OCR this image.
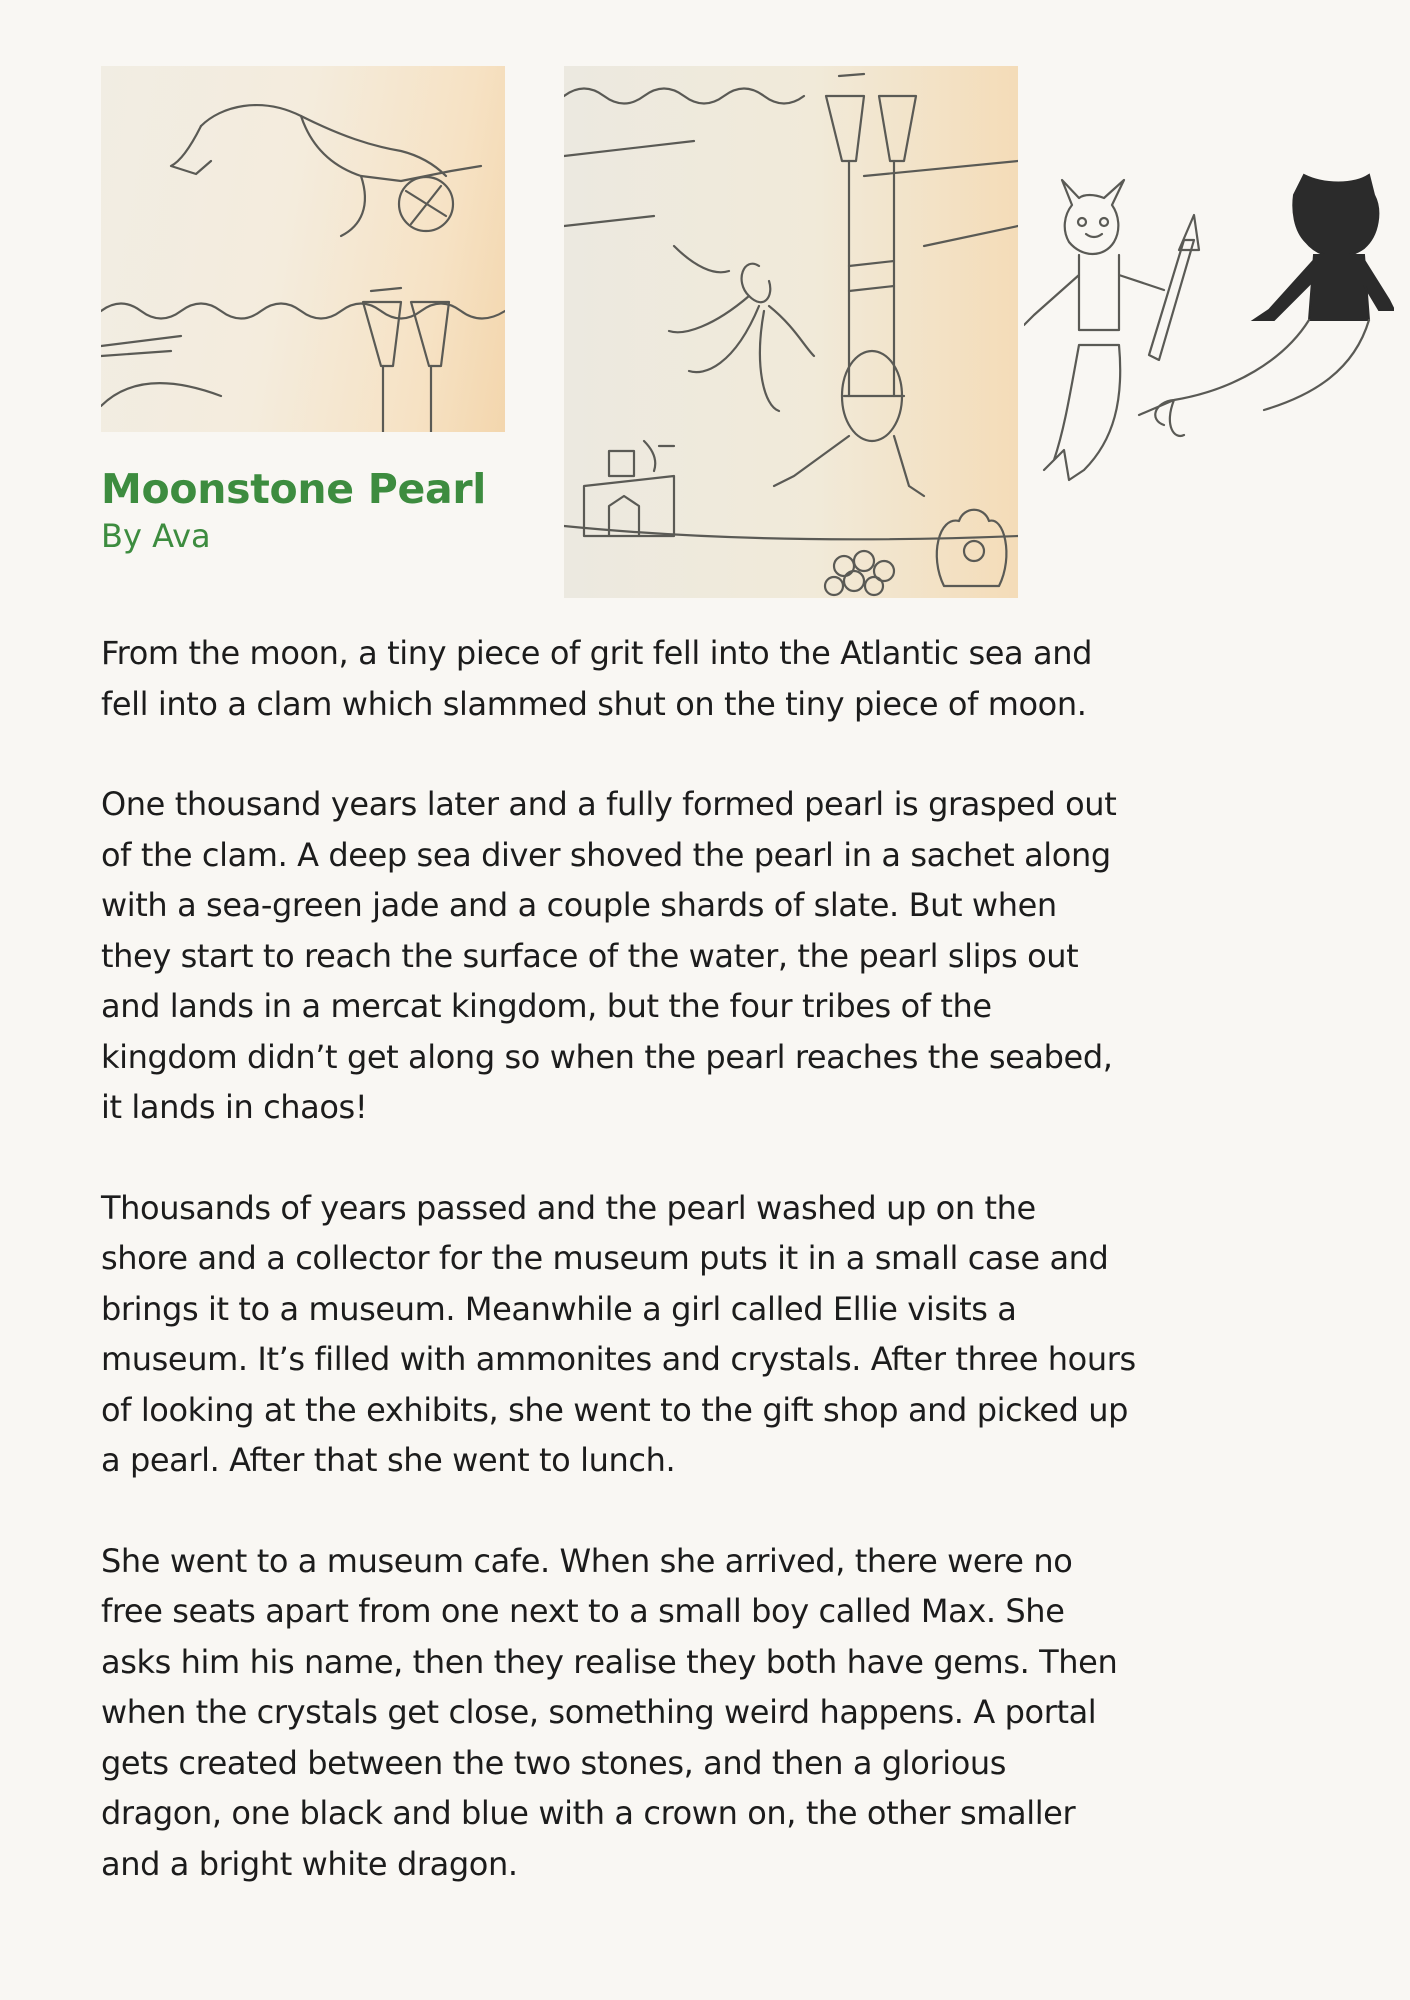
Moonstone Pearl

By Ava

From the moon, a tiny piece of grit fell into the Atlantic sea and
fell into a clam which slammed shut on the tiny piece of moon.

One thousand years later and a fully formed pearl is grasped out
of the clam. A deep sea diver shoved the pearl in a sachet along
with a sea-green jade and a couple shards of slate. But when
they start to reach the surface of the water, the pearl slips out
and lands in a mercat kingdom, but the four tribes of the
kingdom didn’t get along so when the pearl reaches the seabed,
it lands in chaos!

Thousands of years passed and the pearl washed up on the
shore and a collector for the museum puts it in a small case and
brings it to a museum. Meanwhile a girl called Ellie visits a
museum. It’s filled with ammonites and crystals. After three hours
of looking at the exhibits, she went to the gift shop and picked up
a pearl. After that she went to lunch.

She went to a museum cafe. When she arrived, there were no
free seats apart from one next to a small boy called Max. She
asks him his name, then they realise they both have gems. Then
when the crystals get close, something weird happens. A portal
gets created between the two stones, and then a glorious
dragon, one black and blue with a crown on, the other smaller
and a bright white dragon.
